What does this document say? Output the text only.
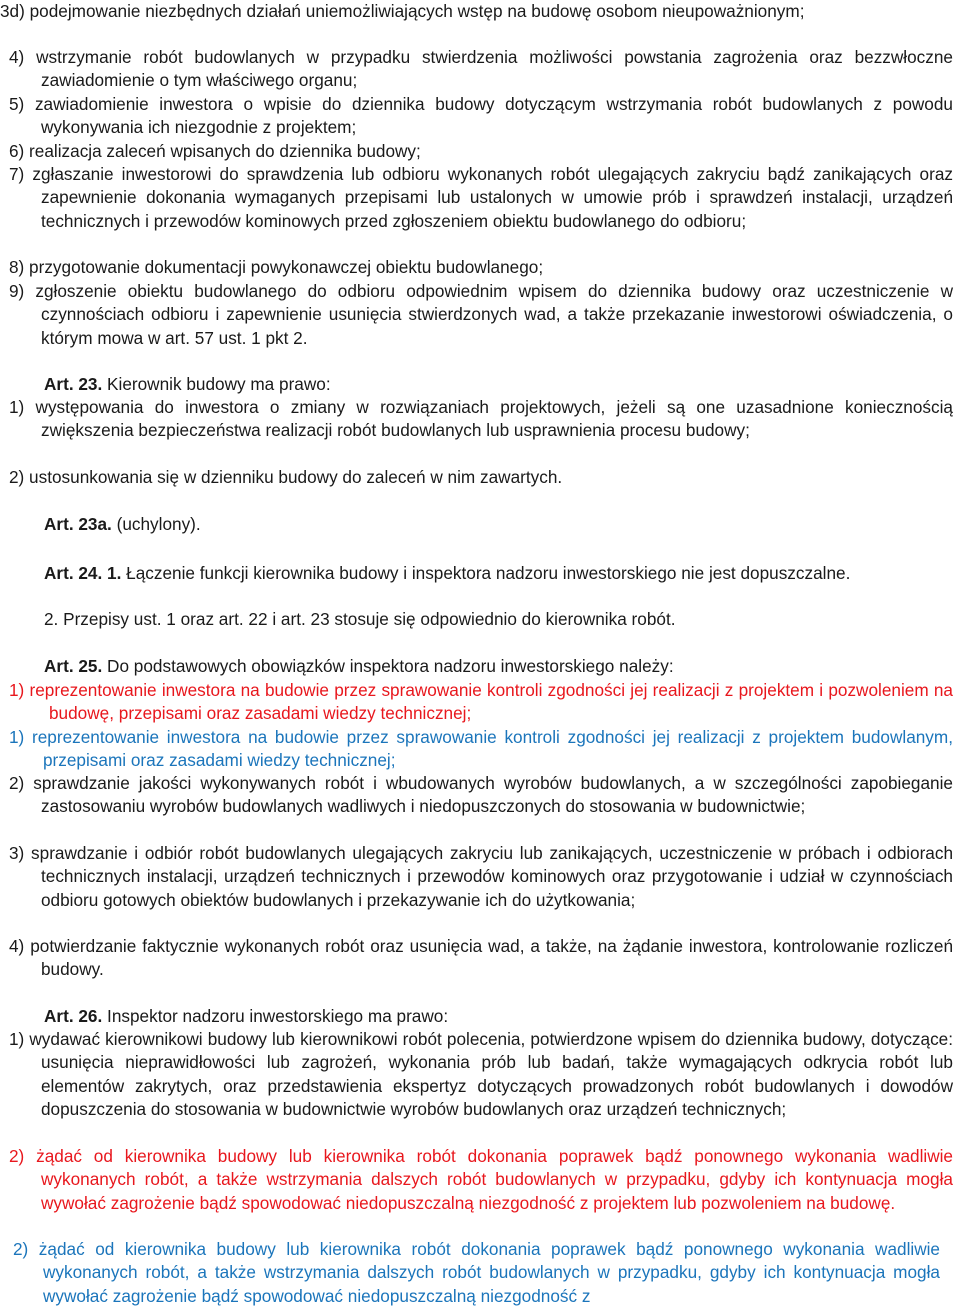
3d) podejmowanie niezbędnych działań uniemożliwiających wstęp na budowę osobom nieupoważnionym;
4) wstrzymanie robót budowlanych w przypadku stwierdzenia możliwości powstania zagrożenia oraz bezzwłoczne zawiadomienie o tym właściwego organu;
5) zawiadomienie inwestora o wpisie do dziennika budowy dotyczącym wstrzymania robót budowlanych z powodu wykonywania ich niezgodnie z projektem;
6) realizacja zaleceń wpisanych do dziennika budowy;
7) zgłaszanie inwestorowi do sprawdzenia lub odbioru wykonanych robót ulegających zakryciu bądź zanikających oraz zapewnienie dokonania wymaganych przepisami lub ustalonych w umowie prób i sprawdzeń instalacji, urządzeń technicznych i przewodów kominowych przed zgłoszeniem obiektu budowlanego do odbioru;
8) przygotowanie dokumentacji powykonawczej obiektu budowlanego;
9) zgłoszenie obiektu budowlanego do odbioru odpowiednim wpisem do dziennika budowy oraz uczestniczenie w czynnościach odbioru i zapewnienie usunięcia stwierdzonych wad, a także przekazanie inwestorowi oświadczenia, o którym mowa w art. 57 ust. 1 pkt 2.
Art. 23. Kierownik budowy ma prawo:
1) występowania do inwestora o zmiany w rozwiązaniach projektowych, jeżeli są one uzasadnione koniecznością zwiększenia bezpieczeństwa realizacji robót budowlanych lub usprawnienia procesu budowy;
2) ustosunkowania się w dzienniku budowy do zaleceń w nim zawartych.
Art. 23a. (uchylony).
Art. 24. 1. Łączenie funkcji kierownika budowy i inspektora nadzoru inwestorskiego nie jest dopuszczalne.
2. Przepisy ust. 1 oraz art. 22 i art. 23 stosuje się odpowiednio do kierownika robót.
Art. 25. Do podstawowych obowiązków inspektora nadzoru inwestorskiego należy:
1) reprezentowanie inwestora na budowie przez sprawowanie kontroli zgodności jej realizacji z projektem i pozwoleniem na budowę, przepisami oraz zasadami wiedzy technicznej;
1) reprezentowanie inwestora na budowie przez sprawowanie kontroli zgodności jej realizacji z projektem budowlanym, przepisami oraz zasadami wiedzy technicznej;
2) sprawdzanie jakości wykonywanych robót i wbudowanych wyrobów budowlanych, a w szczególności zapobieganie zastosowaniu wyrobów budowlanych wadliwych i niedopuszczonych do stosowania w budownictwie;
3) sprawdzanie i odbiór robót budowlanych ulegających zakryciu lub zanikających, uczestniczenie w próbach i odbiorach technicznych instalacji, urządzeń technicznych i przewodów kominowych oraz przygotowanie i udział w czynnościach odbioru gotowych obiektów budowlanych i przekazywanie ich do użytkowania;
4) potwierdzanie faktycznie wykonanych robót oraz usunięcia wad, a także, na żądanie inwestora, kontrolowanie rozliczeń budowy.
Art. 26. Inspektor nadzoru inwestorskiego ma prawo:
1) wydawać kierownikowi budowy lub kierownikowi robót polecenia, potwierdzone wpisem do dziennika budowy, dotyczące: usunięcia nieprawidłowości lub zagrożeń, wykonania prób lub badań, także wymagających odkrycia robót lub elementów zakrytych, oraz przedstawienia ekspertyz dotyczących prowadzonych robót budowlanych i dowodów dopuszczenia do stosowania w budownictwie wyrobów budowlanych oraz urządzeń technicznych;
2) żądać od kierownika budowy lub kierownika robót dokonania poprawek bądź ponownego wykonania wadliwie wykonanych robót, a także wstrzymania dalszych robót budowlanych w przypadku, gdyby ich kontynuacja mogła wywołać zagrożenie bądź spowodować niedopuszczalną niezgodność z projektem lub pozwoleniem na budowę.
2) żądać od kierownika budowy lub kierownika robót dokonania poprawek bądź ponownego wykonania wadliwie wykonanych robót, a także wstrzymania dalszych robót budowlanych w przypadku, gdyby ich kontynuacja mogła wywołać zagrożenie bądź spowodować niedopuszczalną niezgodność z
